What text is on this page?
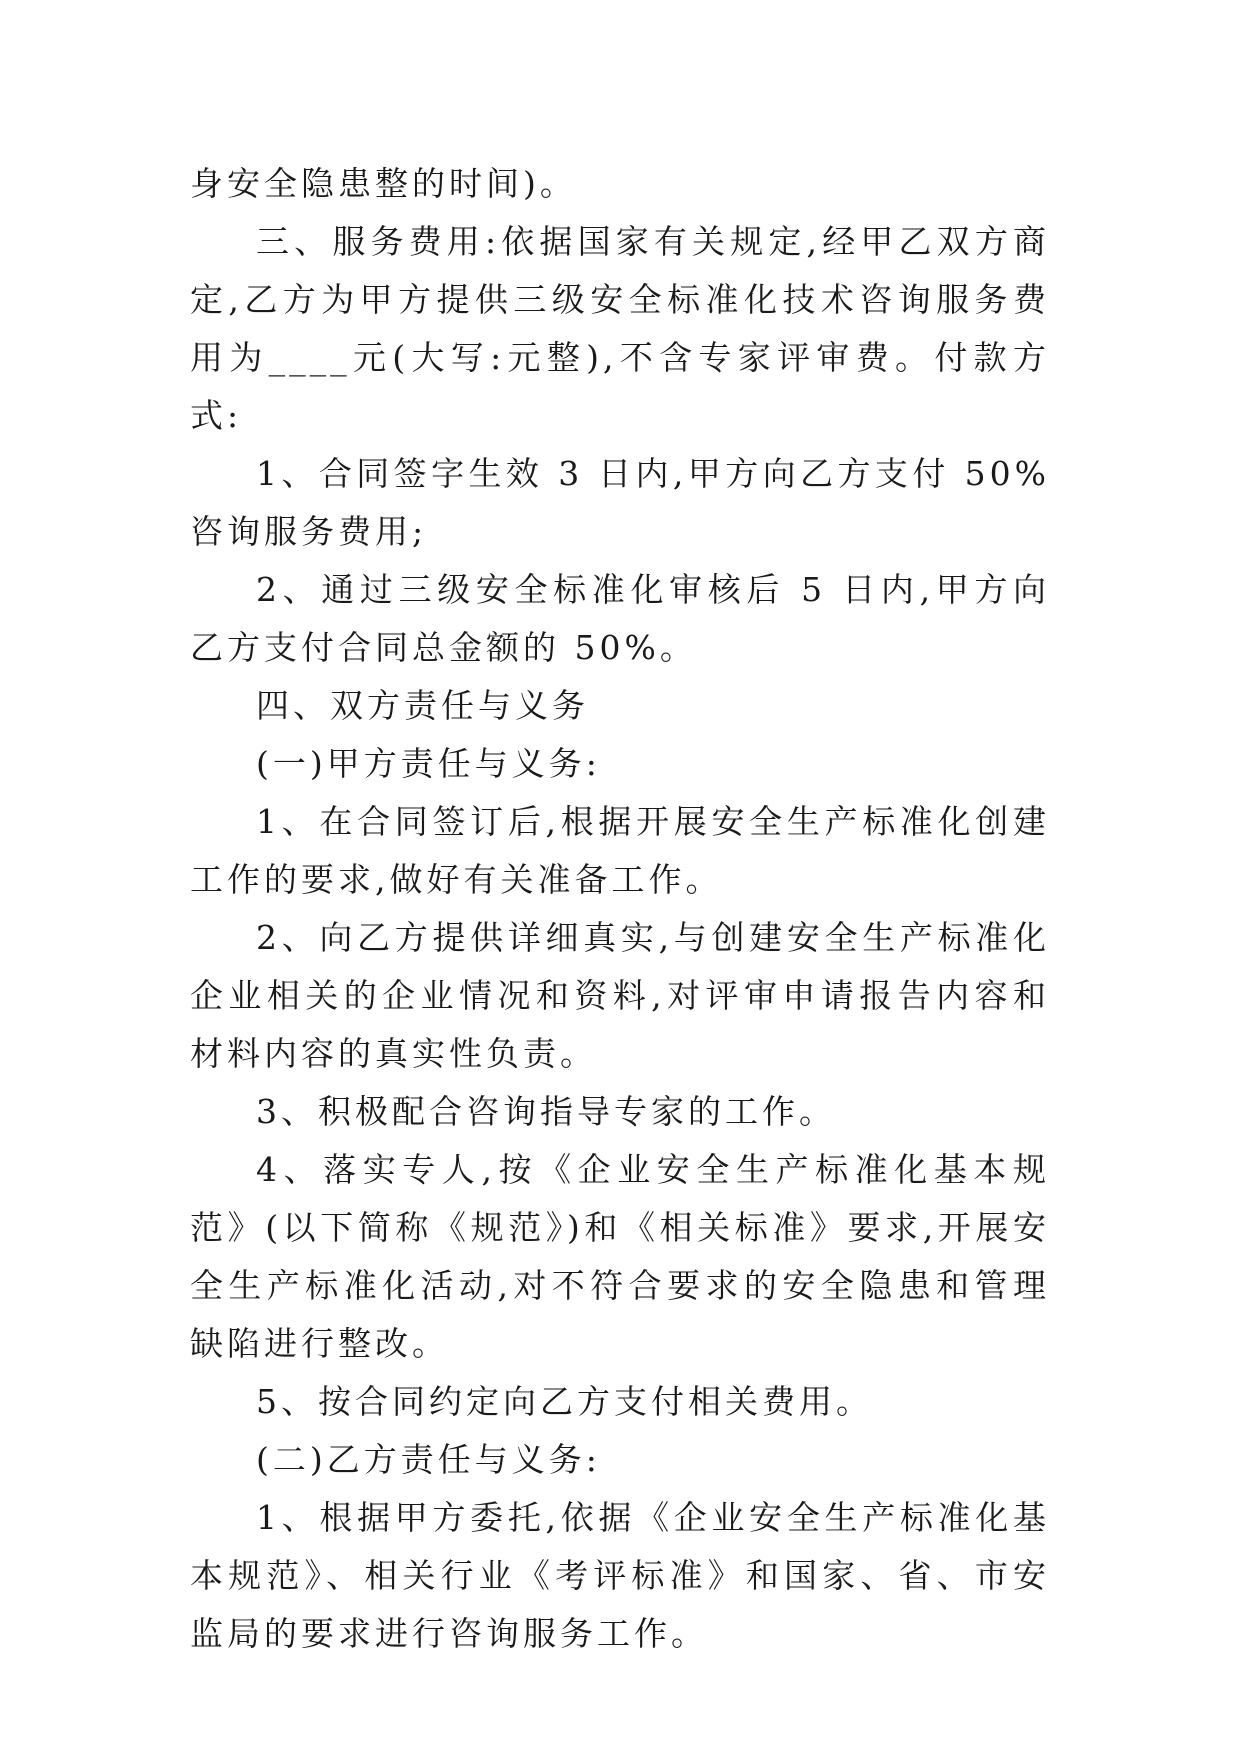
身安全隐患整的时间)。

三、服务费用:依据国家有关规定,经甲乙双方商定,乙方为甲方提供三级安全标准化技术咨询服务费用为____元(大写:元整),不含专家评审费。付款方式:

1、合同签字生效 3 日内,甲方向乙方支付 50%咨询服务费用;

2、通过三级安全标准化审核后 5 日内,甲方向乙方支付合同总金额的 50%。

四、双方责任与义务

(一)甲方责任与义务:

1、在合同签订后,根据开展安全生产标准化创建工作的要求,做好有关准备工作。

2、向乙方提供详细真实,与创建安全生产标准化企业相关的企业情况和资料,对评审申请报告内容和材料内容的真实性负责。

3、积极配合咨询指导专家的工作。

4、落实专人,按《企业安全生产标准化基本规范》(以下简称《规范》)和《相关标准》要求,开展安全生产标准化活动,对不符合要求的安全隐患和管理缺陷进行整改。

5、按合同约定向乙方支付相关费用。

(二)乙方责任与义务:

1、根据甲方委托,依据《企业安全生产标准化基本规范》、相关行业《考评标准》和国家、省、市安监局的要求进行咨询服务工作。
